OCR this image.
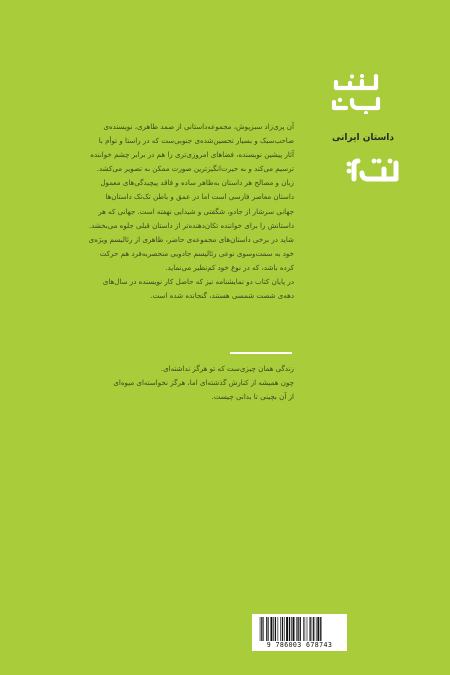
داستان ایرانی

آن پری‌زاد سبزپوش، مجموعه‌داستانی از صمد طاهری، نویسنده‌ی

صاحب‌سبک و بسیار تحسین‌شده‌ی جنوبی‌ست که در راستا و توأم با

آثار پیشین نویسنده، فضاهای امروزی‌تری را هم در برابر چشم خواننده

ترسیم می‌کند و به حیرت‌انگیزترین صورت ممکن به تصویر می‌کشد.

زبان و مصالح هر داستان به‌ظاهر ساده و فاقد پیچیدگی‌های معمول

داستان معاصر فارسی است اما در عمق و باطن تک‌تک داستان‌ها

جهانی سرشار از جادو، شگفتی و شیدایی نهفته است. جهانی که هر

داستانش را برای خواننده تکان‌دهنده‌تر از داستان قبلی جلوه می‌بخشد.

شاید در برخی داستان‌های مجموعه‌ی حاضر، ظاهری از رئالیسم ویژه‌ی

خود به سمت‌وسوی نوعی رئالیسم جادویی منحصربه‌فرد هم حرکت

کرده باشد، که در نوع خود کم‌نظیر می‌نماید.

در پایان کتاب دو نمایشنامه نیز که حاصل کار نویسنده در سال‌های

دهه‌ی شصت شمسی هستند، گنجانده شده است.

زندگی همان چیزی‌ست که تو هرگز نداشته‌ای.
چون همیشه از کنارش گذشته‌ای اما، هرگز نخواسته‌ای میوه‌ای
از آن بچینی تا بدانی چیست.
9 786003 678743
